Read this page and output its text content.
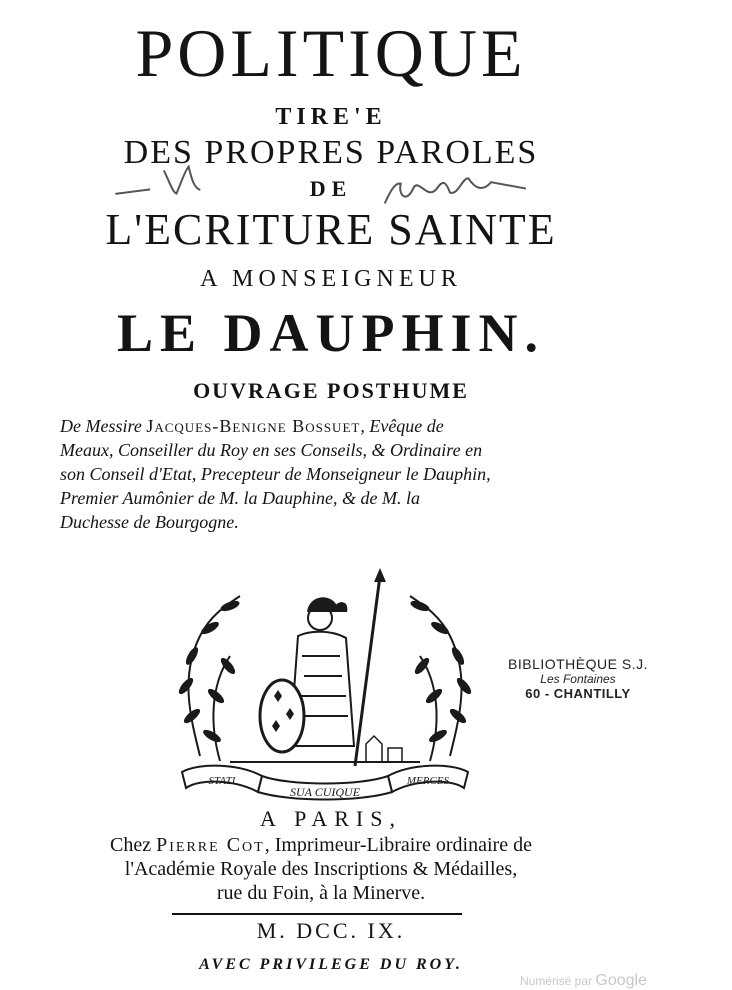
POLITIQUE
TIRE'E
DES PROPRES PAROLES
DE
L'ECRITURE SAINTE
A MONSEIGNEUR
LE DAUPHIN.
OUVRAGE POSTHUME
De Messire Jacques-Benigne Bossuet, Evêque de
Meaux, Conseiller du Roy en ses Conseils, & Ordinaire en
son Conseil d'Etat, Precepteur de Monseigneur le Dauphin,
Premier Aumônier de M. la Dauphine, & de M. la
Duchesse de Bourgogne.
STATI
SUA CUIQUE
MERCES
BIBLIOTHÈQUE S.J.
Les Fontaines
60 - CHANTILLY
A PARIS,
Chez Pierre Cot, Imprimeur-Libraire ordinaire de
l'Académie Royale des Inscriptions & Médailles,
rue du Foin, à la Minerve.
M. DCC. IX.
AVEC PRIVILEGE DU ROY.
Numérisé par Google
